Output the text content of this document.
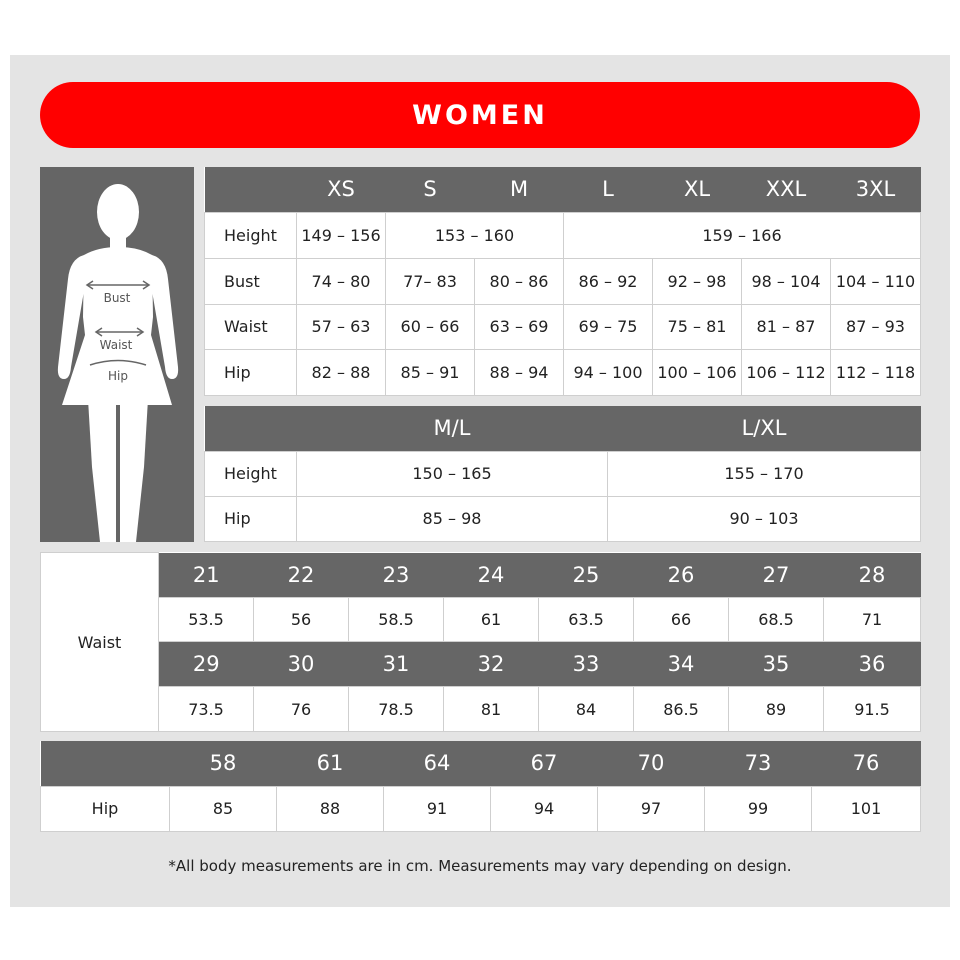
WOMEN
Bust
Waist
Hip
	XS	S	M	L	XL	XXL	3XL
Height	149 – 156	153 – 160		159 – 166			
Bust	74 – 80	77– 83	80 – 86	86 – 92	92 – 98	98 – 104	104 – 110
Waist	57 – 63	60 – 66	63 – 69	69 – 75	75 – 81	81 – 87	87 – 93
Hip	82 – 88	85 – 91	88 – 94	94 – 100	100 – 106	106 – 112	112 – 118
	M/L	L/XL
Height	150 – 165	155 – 170
Hip	85 – 98	90 – 103
Waist	21	22	23	24	25	26	27	28
	53.5	56	58.5	61	63.5	66	68.5	71
	29	30	31	32	33	34	35	36
	73.5	76	78.5	81	84	86.5	89	91.5
	58	61	64	67	70	73	76
Hip	85	88	91	94	97	99	101
*All body measurements are in cm. Measurements may vary depending on design.
